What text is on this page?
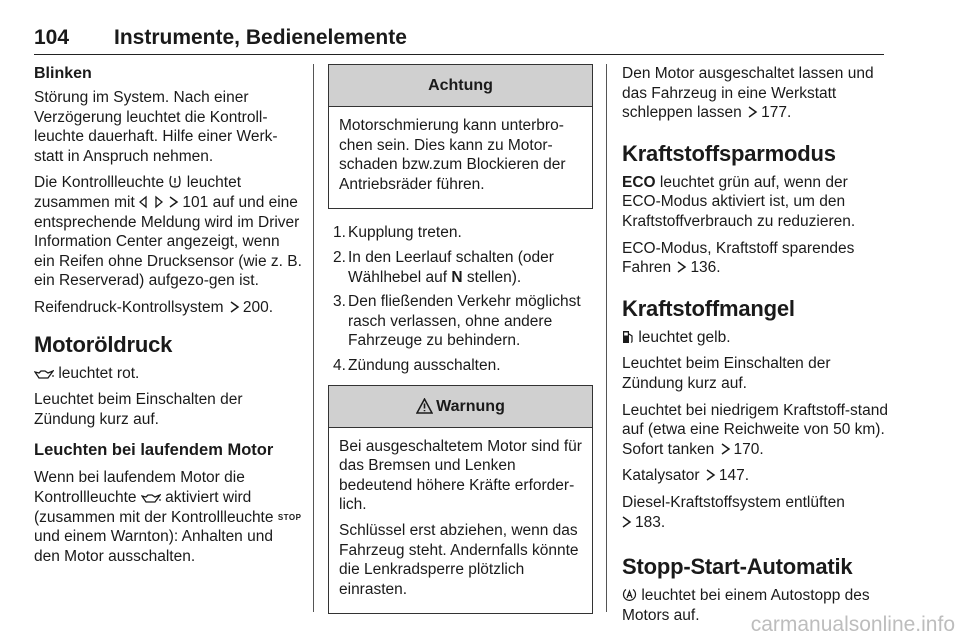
104 Instrumente, Bedienelemente
Blinken

Störung im System. Nach einer Verzögerung leuchtet die Kontroll-leuchte dauerhaft. Hilfe einer Werk-statt in Anspruch nehmen.

Die Kontrollleuchte leuchtet zusammen mit	101 auf und eine entsprechende Meldung wird im Driver Information Center angezeigt, wenn ein Reifen ohne Drucksensor (wie z. B. ein Reserverad) aufgezo-gen ist.

Reifendruck-Kontrollsystem 200.

Motoröldruck

leuchtet rot.

Leuchtet beim Einschalten der Zündung kurz auf.

Leuchten bei laufendem Motor

Wenn bei laufendem Motor die Kontrollleuchte aktiviert wird (zusammen mit der Kontrollleuchte STOP und einem Warnton): Anhalten und den Motor ausschalten.

Achtung

Motorschmierung kann unterbro-chen sein. Dies kann zu Motor-schaden bzw.zum Blockieren der Antriebsräder führen.

1. Kupplung treten.
2. In den Leerlauf schalten (oder Wählhebel auf N stellen).
3. Den fließenden Verkehr möglichst rasch verlassen, ohne andere Fahrzeuge zu behindern.
4. Zündung ausschalten.
Warnung

Bei ausgeschaltetem Motor sind für das Bremsen und Lenken bedeutend höhere Kräfte erforder-lich.

Schlüssel erst abziehen, wenn das Fahrzeug steht. Andernfalls könnte die Lenkradsperre plötzlich einrasten.

Den Motor ausgeschaltet lassen und das Fahrzeug in eine Werkstatt schleppen lassen 177.

Kraftstoffsparmodus

ECO leuchtet grün auf, wenn der ECO-Modus aktiviert ist, um den Kraftstoffverbrauch zu reduzieren.

ECO-Modus, Kraftstoff sparendes Fahren 136.

Kraftstoffmangel

leuchtet gelb.

Leuchtet beim Einschalten der Zündung kurz auf.

Leuchtet bei niedrigem Kraftstoff-stand auf (etwa eine Reichweite von 50 km). Sofort tanken 170.

Katalysator 147.

Diesel-Kraftstoffsystem entlüften
183.

Stopp-Start-Automatik

leuchtet bei einem Autostopp des Motors auf.	carmanualsonline.info
